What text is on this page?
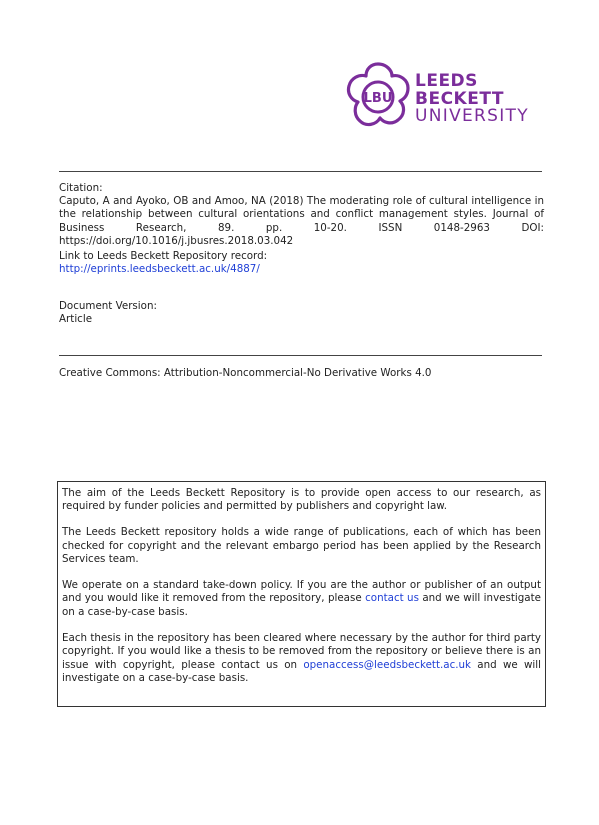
LBU
LEEDS
BECKETT
UNIVERSITY
Citation:
Caputo, A and Ayoko, OB and Amoo, NA (2018) The moderating role of cultural intelligence in the relationship between cultural orientations and conflict management styles. Journal of Business Research, 89. pp. 10-20. ISSN 0148-2963 DOI: https://doi.org/10.1016/j.jbusres.2018.03.042
Link to Leeds Beckett Repository record:
http://eprints.leedsbeckett.ac.uk/4887/
Document Version:
Article
Creative Commons: Attribution-Noncommercial-No Derivative Works 4.0

The aim of the Leeds Beckett Repository is to provide open access to our research, as required by funder policies and permitted by publishers and copyright law.

The Leeds Beckett repository holds a wide range of publications, each of which has been checked for copyright and the relevant embargo period has been applied by the Research Services team.

We operate on a standard take-down policy. If you are the author or publisher of an output and you would like it removed from the repository, please contact us and we will investigate on a case-by-case basis.

Each thesis in the repository has been cleared where necessary by the author for third party copyright. If you would like a thesis to be removed from the repository or believe there is an issue with copyright, please contact us on openaccess@leedsbeckett.ac.uk and we will investigate on a case-by-case basis.
